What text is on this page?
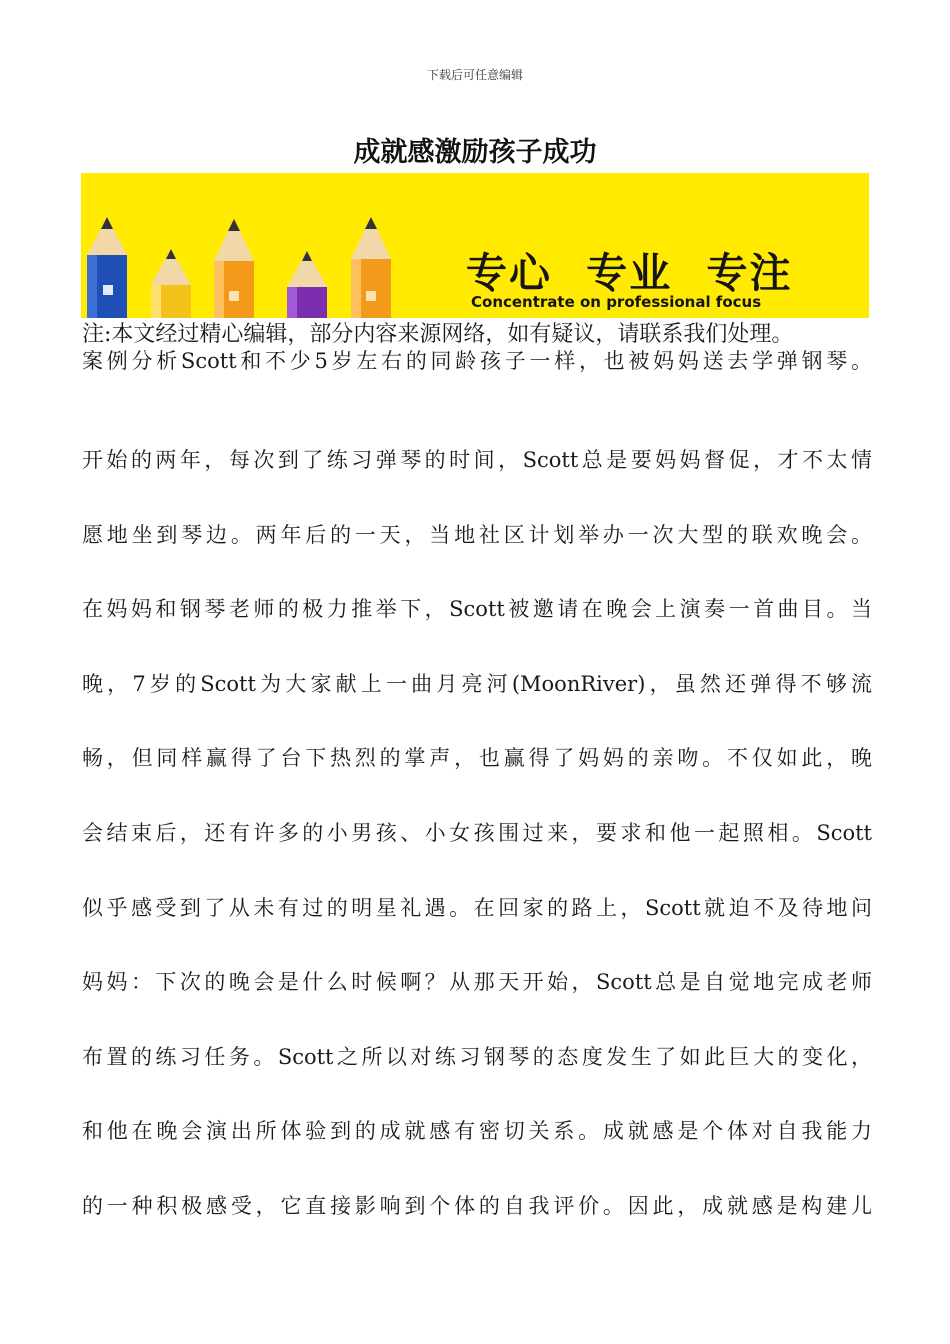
下载后可任意编辑
成就感激励孩子成功
专心 专业 专注
Concentrate on professional focus
注:本文经过精心编辑，部分内容来源网络，如有疑议，请联系我们处理。
案例分析Scott和不少5岁左右的同龄孩子一样，也被妈妈送去学弹钢琴。
开始的两年，每次到了练习弹琴的时间，Scott总是要妈妈督促，才不太情
愿地坐到琴边。两年后的一天，当地社区计划举办一次大型的联欢晚会。
在妈妈和钢琴老师的极力推举下，Scott被邀请在晚会上演奏一首曲目。当
晚，7岁的Scott为大家献上一曲月亮河(MoonRiver)，虽然还弹得不够流
畅，但同样赢得了台下热烈的掌声，也赢得了妈妈的亲吻。不仅如此，晚
会结束后，还有许多的小男孩、小女孩围过来，要求和他一起照相。Scott
似乎感受到了从未有过的明星礼遇。在回家的路上，Scott就迫不及待地问
妈妈：下次的晚会是什么时候啊？从那天开始，Scott总是自觉地完成老师
布置的练习任务。Scott之所以对练习钢琴的态度发生了如此巨大的变化，
和他在晚会演出所体验到的成就感有密切关系。成就感是个体对自我能力
的一种积极感受，它直接影响到个体的自我评价。因此，成就感是构建儿
